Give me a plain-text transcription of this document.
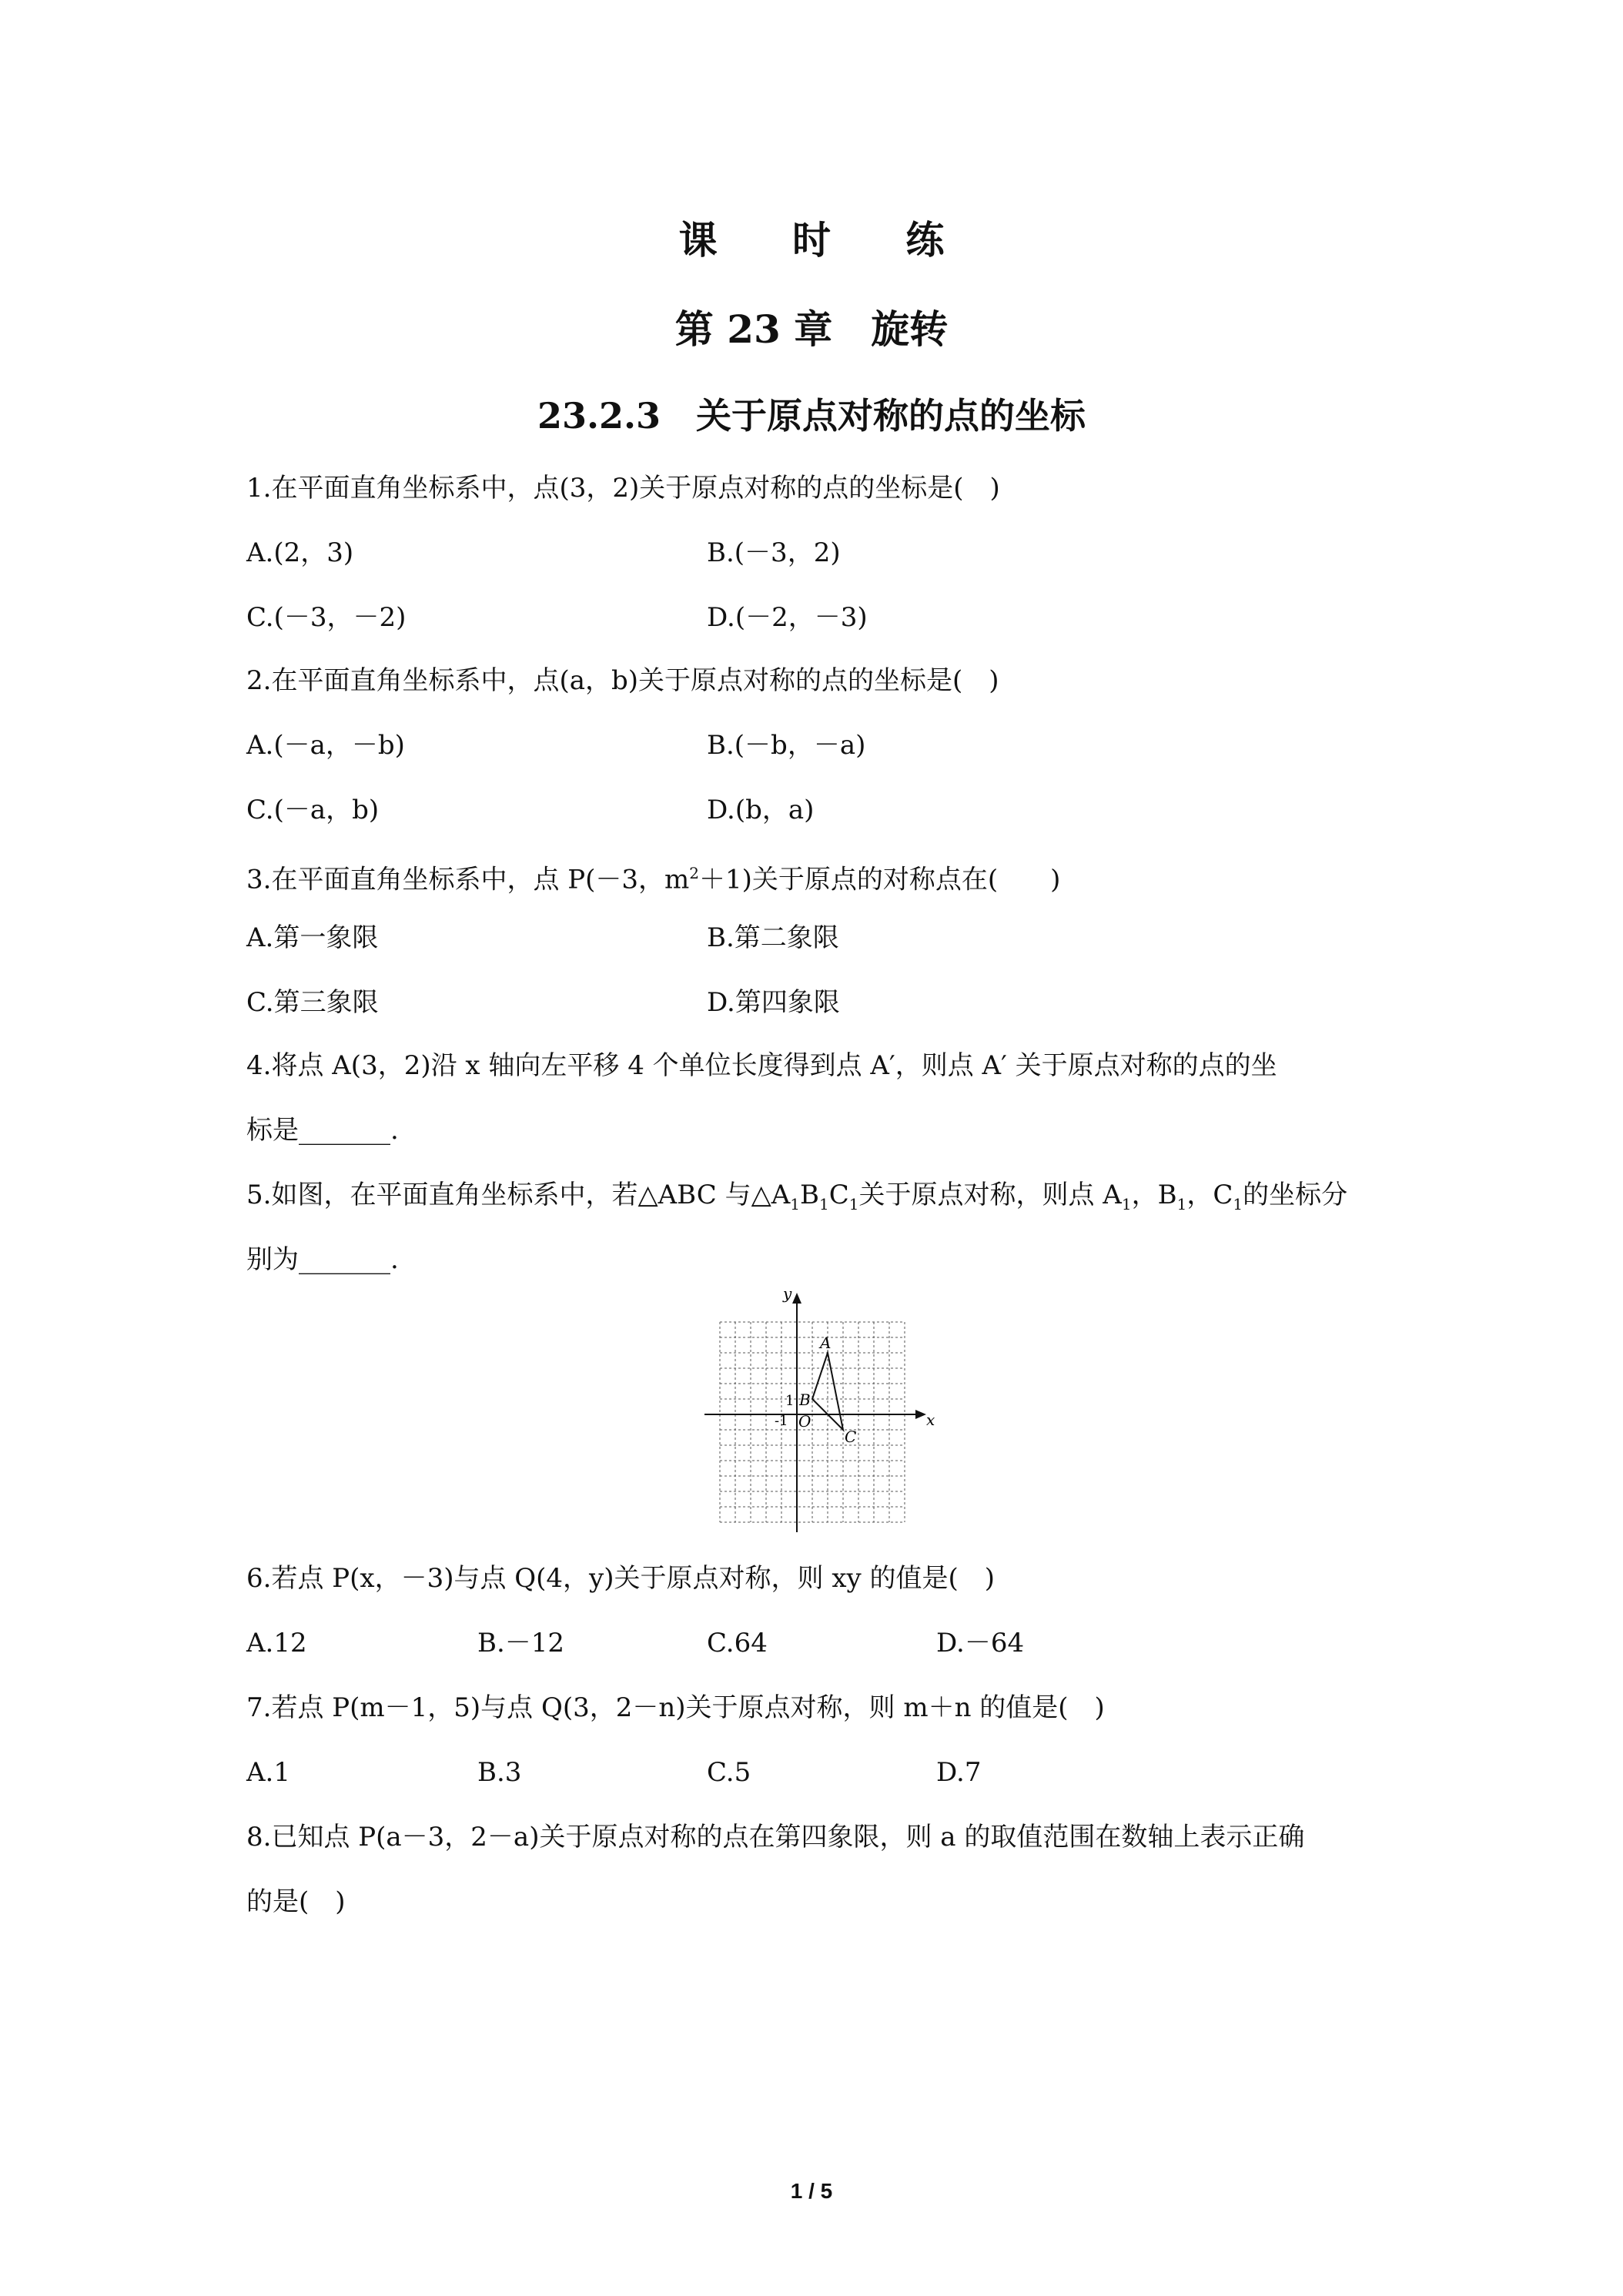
课 时 练
第 23 章　旋转
23.2.3　关于原点对称的点的坐标
1.在平面直角坐标系中，点(3，2)关于原点对称的点的坐标是(　)
A.(2，3)	B.(－3，2)
C.(－3，－2)	D.(－2，－3)
2.在平面直角坐标系中，点(a，b)关于原点对称的点的坐标是(　)
A.(－a，－b)	B.(－b，－a)
C.(－a，b)	D.(b，a)
3.在平面直角坐标系中，点 P(－3，$m^2+1$)关于原点的对称点在(　　)
A.第一象限	B.第二象限
C.第三象限	D.第四象限
4.将点 A(3，2)沿 x 轴向左平移 4 个单位长度得到点 A′，则点 A′ 关于原点对称的点的坐
标是_______.
5.如图，在平面直角坐标系中，若△ABC 与$\triangle A_1B_1C_1$关于原点对称，则点 $A_1$，$B_1$，$C_1$的坐标分
别为_______.
x
y
O
1
-1
A
B
C
6.若点 P(x，－3)与点 Q(4，y)关于原点对称，则 xy 的值是(　)
A.12	B.－12	C.64	D.－64
7.若点 P(m－1，5)与点 Q(3，2－n)关于原点对称，则 m＋n 的值是(　)
A.1	B.3	C.5	D.7
8.已知点 P(a－3，2－a)关于原点对称的点在第四象限，则 a 的取值范围在数轴上表示正确
的是(　)
1 / 5
